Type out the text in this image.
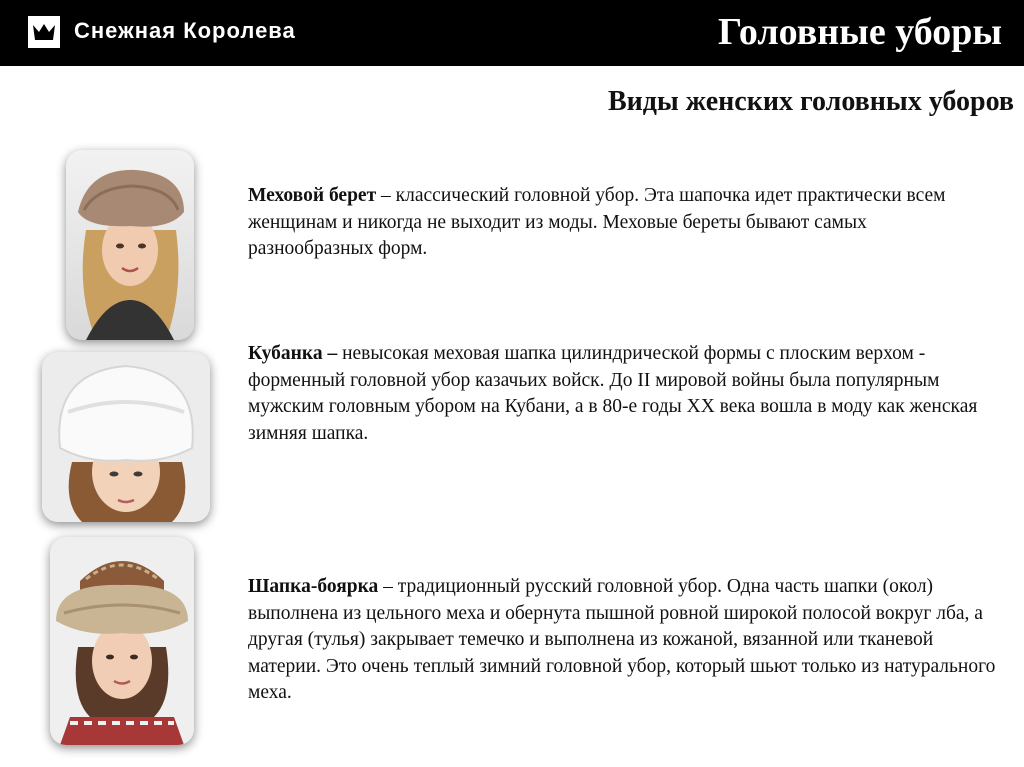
Снежная Королева	Головные уборы
Виды женских головных уборов

Меховой берет – классический головной убор. Эта шапочка идет практически всем женщинам и никогда не выходит из моды. Меховые береты бывают самых разнообразных форм.

Кубанка – невысокая меховая шапка цилиндрической формы с плоским верхом - форменный головной убор казачьих войск. До II мировой войны была популярным мужским головным убором на Кубани, а в 80-е годы XX века вошла в моду как женская зимняя шапка.

Шапка-боярка – традиционный русский головной убор. Одна часть шапки (окол) выполнена из цельного меха и обернута пышной ровной широкой полосой вокруг лба, а другая (тулья) закрывает темечко и выполнена из кожаной, вязанной или тканевой материи. Это очень теплый зимний головной убор, который шьют только из натурального меха.
